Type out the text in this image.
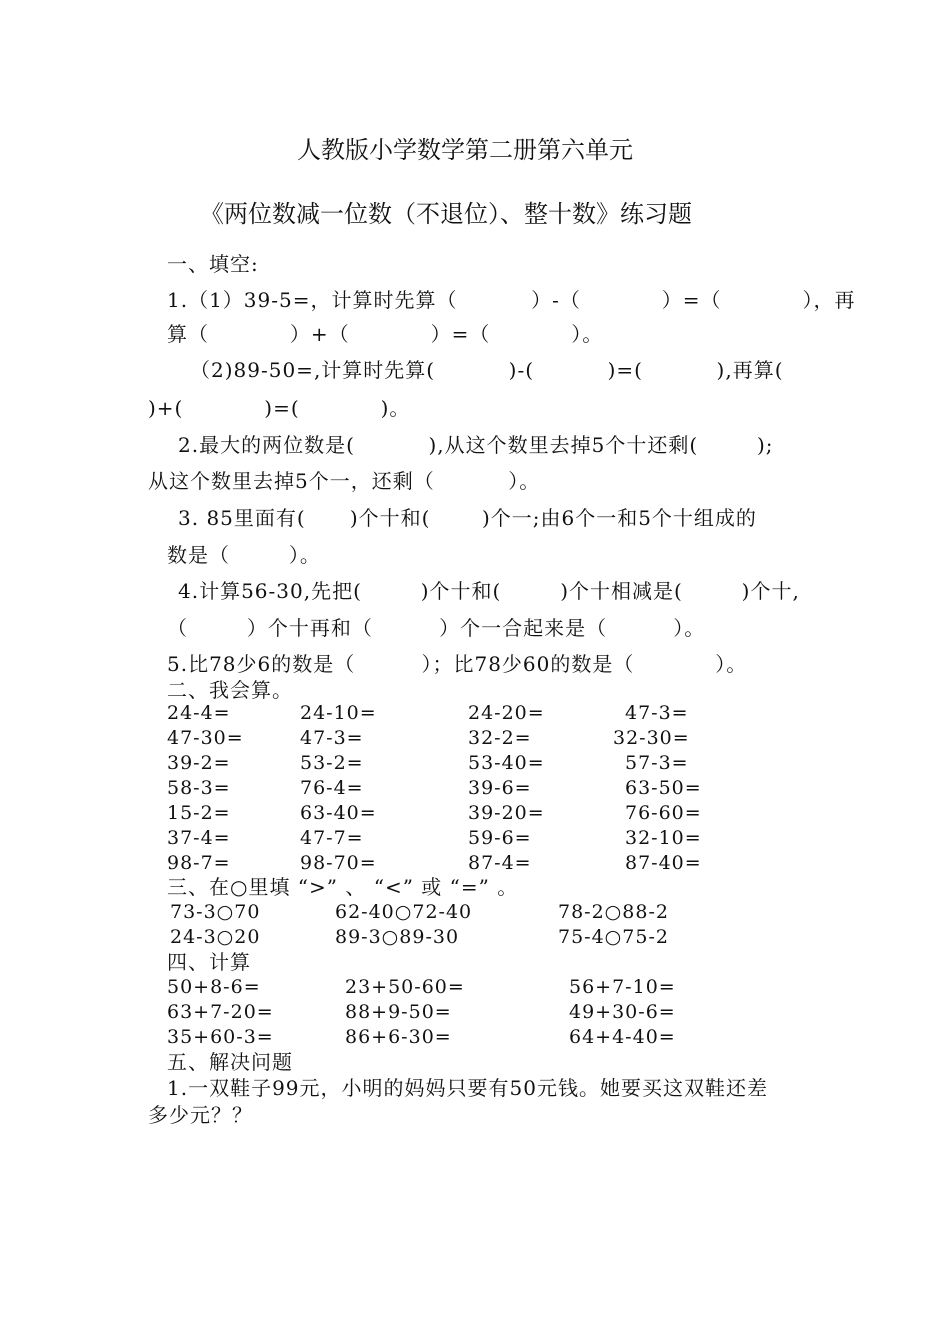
人教版小学数学第二册第六单元
《两位数减一位数（不退位）、整十数》练习题
一、填空:
1.（1）39-5=，计算时先算（          ）-（           ）=（           ），再
算（           ）+（           ）=（           ）。
（2)89-50=,计算时先算(          )-(          )=(          ),再算(
)+(           )=(           )。
2.最大的两位数是(          ),从这个数里去掉5个十还剩(        );
从这个数里去掉5个一，还剩（          ）。
3. 85里面有(      )个十和(       )个一;由6个一和5个十组成的
数是（        ）。
4.计算56-30,先把(        )个十和(        )个十相减是(        )个十,
（        ）个十再和（         ）个一合起来是（         ）。
5.比78少6的数是（         ）；比78少60的数是（           ）。
二、我会算。
24-4=	24-10=	24-20=	47-3=
47-30=	47-3=	32-2=	32-30=
39-2=	53-2=	53-40=	57-3=
58-3=	76-4=	39-6=	63-50=
15-2=	63-40=	39-20=	76-60=
37-4=	47-7=	59-6=	32-10=
98-7=	98-70=	87-4=	87-40=
三、在○里填 “>” 、 “<” 或 “=” 。
73-3○70	62-40○72-40	78-2○88-2
24-3○20	89-3○89-30	75-4○75-2
四、计算
50+8-6=	23+50-60=	56+7-10=
63+7-20=	88+9-50=	49+30-6=
35+60-3=	86+6-30=	64+4-40=
五、解决问题
1.一双鞋子99元，小明的妈妈只要有50元钱。她要买这双鞋还差
多少元？？
